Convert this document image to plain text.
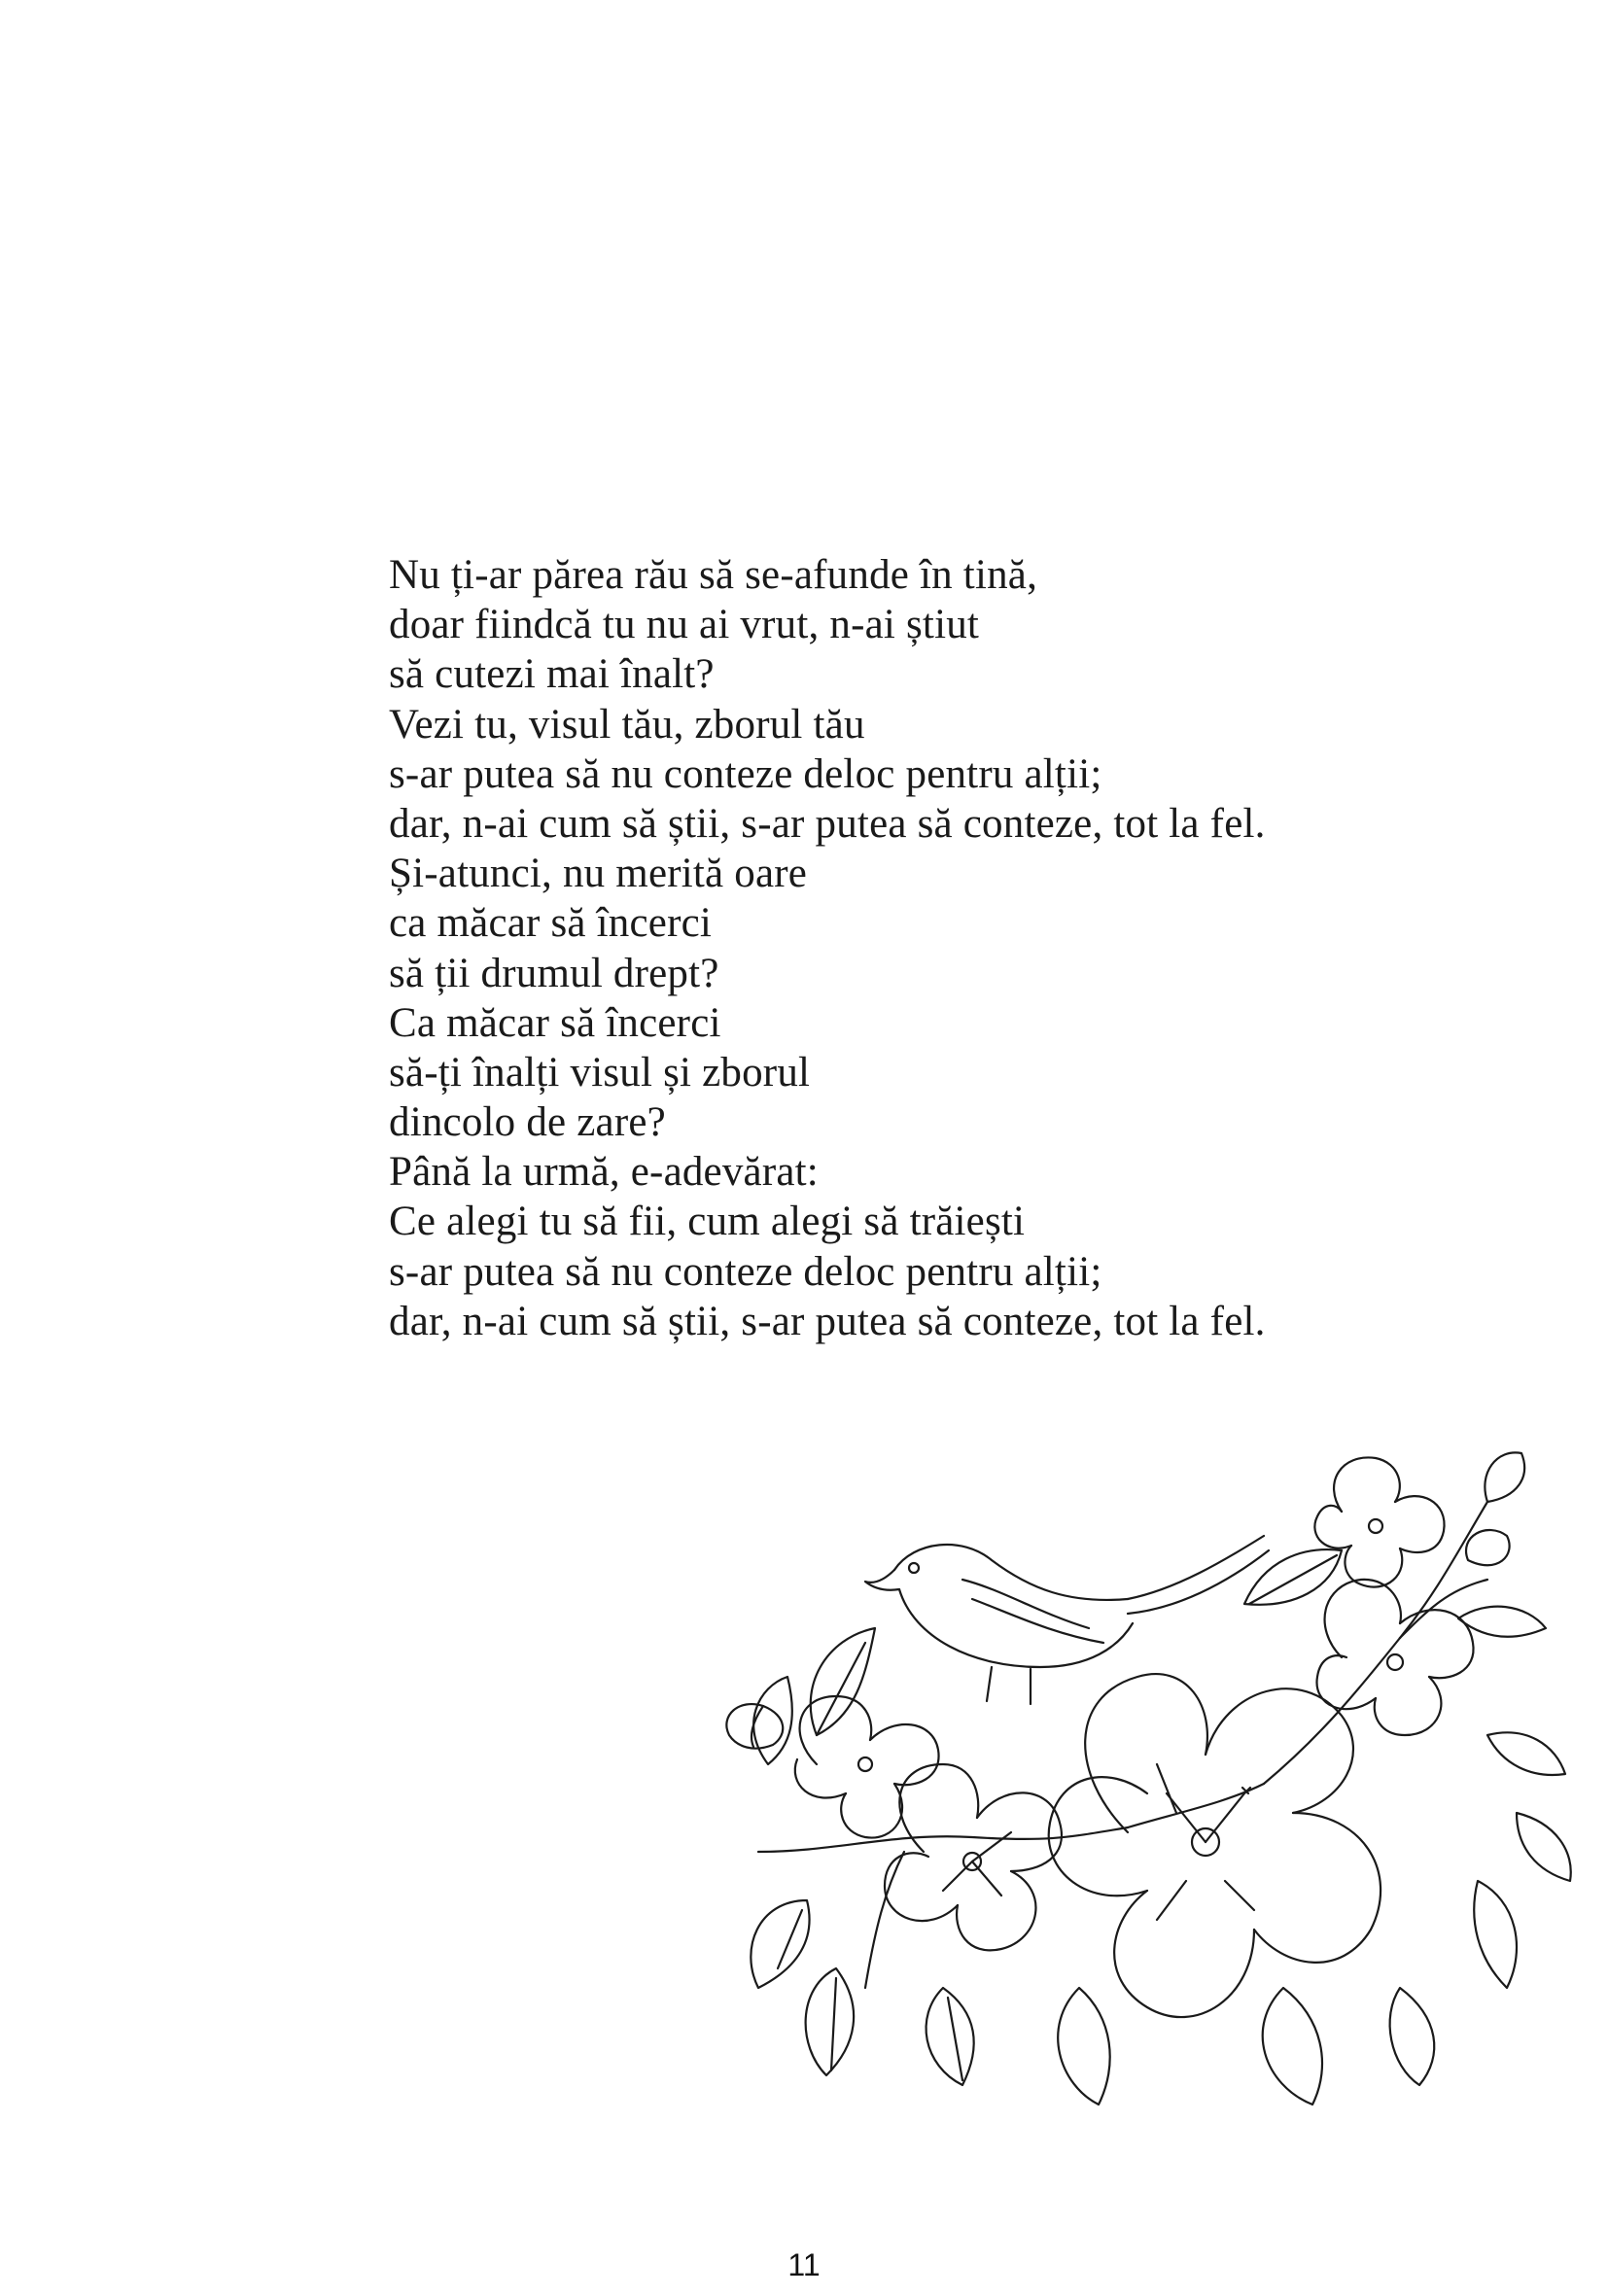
Nu ți-ar părea rău să se-afunde în tină,
doar fiindcă tu nu ai vrut, n-ai știut
să cutezi mai înalt?
Vezi tu, visul tău, zborul tău
s-ar putea să nu conteze deloc pentru alții;
dar, n-ai cum să știi, s-ar putea să conteze, tot la fel.
Și-atunci, nu merită oare
ca măcar să încerci
să ții drumul drept?
Ca măcar să încerci
să-ți înalți visul și zborul
dincolo de zare?
Până la urmă, e-adevărat:
Ce alegi tu să fii, cum alegi să trăiești
s-ar putea să nu conteze deloc pentru alții;
dar, n-ai cum să știi, s-ar putea să conteze, tot la fel.
11
